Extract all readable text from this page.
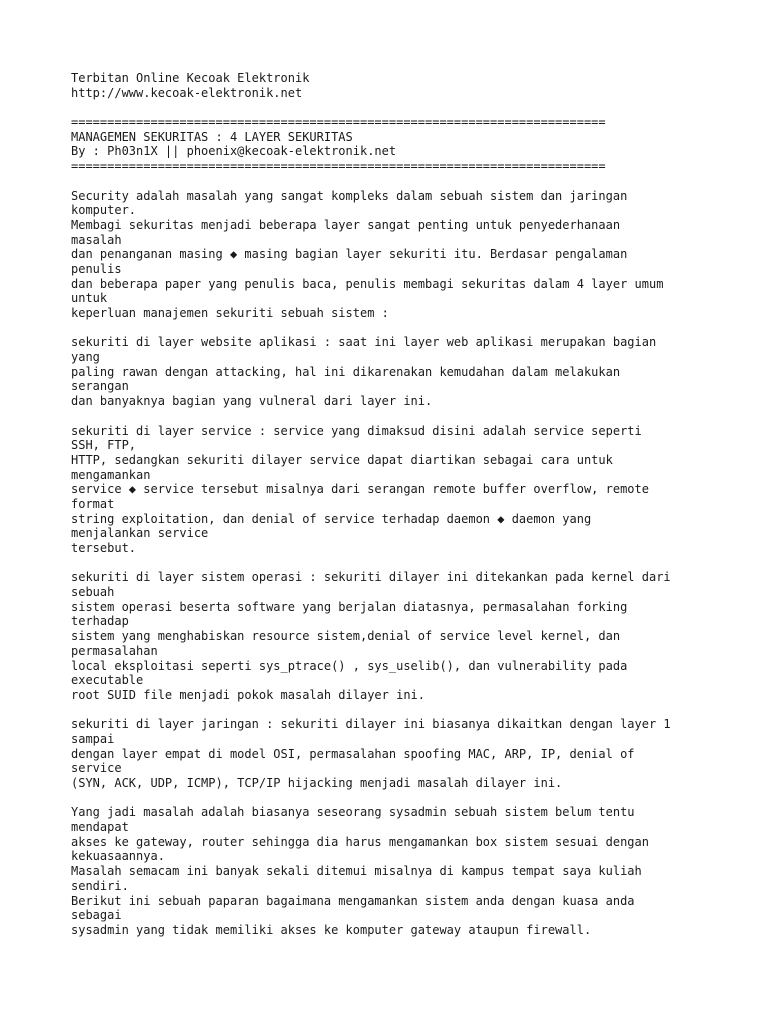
Terbitan Online Kecoak Elektronik
http://www.kecoak-elektronik.net
==========================================================================
MANAGEMEN SEKURITAS : 4 LAYER SEKURITAS
By : Ph03n1X || phoenix@kecoak-elektronik.net
==========================================================================
Security adalah masalah yang sangat kompleks dalam sebuah sistem dan jaringan
komputer.
Membagi sekuritas menjadi beberapa layer sangat penting untuk penyederhanaan
masalah
dan penanganan masing ◆ masing bagian layer sekuriti itu. Berdasar pengalaman
penulis
dan beberapa paper yang penulis baca, penulis membagi sekuritas dalam 4 layer umum
untuk
keperluan manajemen sekuriti sebuah sistem :
sekuriti di layer website aplikasi : saat ini layer web aplikasi merupakan bagian
yang
paling rawan dengan attacking, hal ini dikarenakan kemudahan dalam melakukan
serangan
dan banyaknya bagian yang vulneral dari layer ini.
sekuriti di layer service : service yang dimaksud disini adalah service seperti
SSH, FTP,
HTTP, sedangkan sekuriti dilayer service dapat diartikan sebagai cara untuk
mengamankan
service ◆ service tersebut misalnya dari serangan remote buffer overflow, remote
format
string exploitation, dan denial of service terhadap daemon ◆ daemon yang
menjalankan service
tersebut.
sekuriti di layer sistem operasi : sekuriti dilayer ini ditekankan pada kernel dari
sebuah
sistem operasi beserta software yang berjalan diatasnya, permasalahan forking
terhadap
sistem yang menghabiskan resource sistem,denial of service level kernel, dan
permasalahan
local eksploitasi seperti sys_ptrace() , sys_uselib(), dan vulnerability pada
executable
root SUID file menjadi pokok masalah dilayer ini.
sekuriti di layer jaringan : sekuriti dilayer ini biasanya dikaitkan dengan layer 1
sampai
dengan layer empat di model OSI, permasalahan spoofing MAC, ARP, IP, denial of
service
(SYN, ACK, UDP, ICMP), TCP/IP hijacking menjadi masalah dilayer ini.
Yang jadi masalah adalah biasanya seseorang sysadmin sebuah sistem belum tentu
mendapat
akses ke gateway, router sehingga dia harus mengamankan box sistem sesuai dengan
kekuasaannya.
Masalah semacam ini banyak sekali ditemui misalnya di kampus tempat saya kuliah
sendiri.
Berikut ini sebuah paparan bagaimana mengamankan sistem anda dengan kuasa anda
sebagai
sysadmin yang tidak memiliki akses ke komputer gateway ataupun firewall.
